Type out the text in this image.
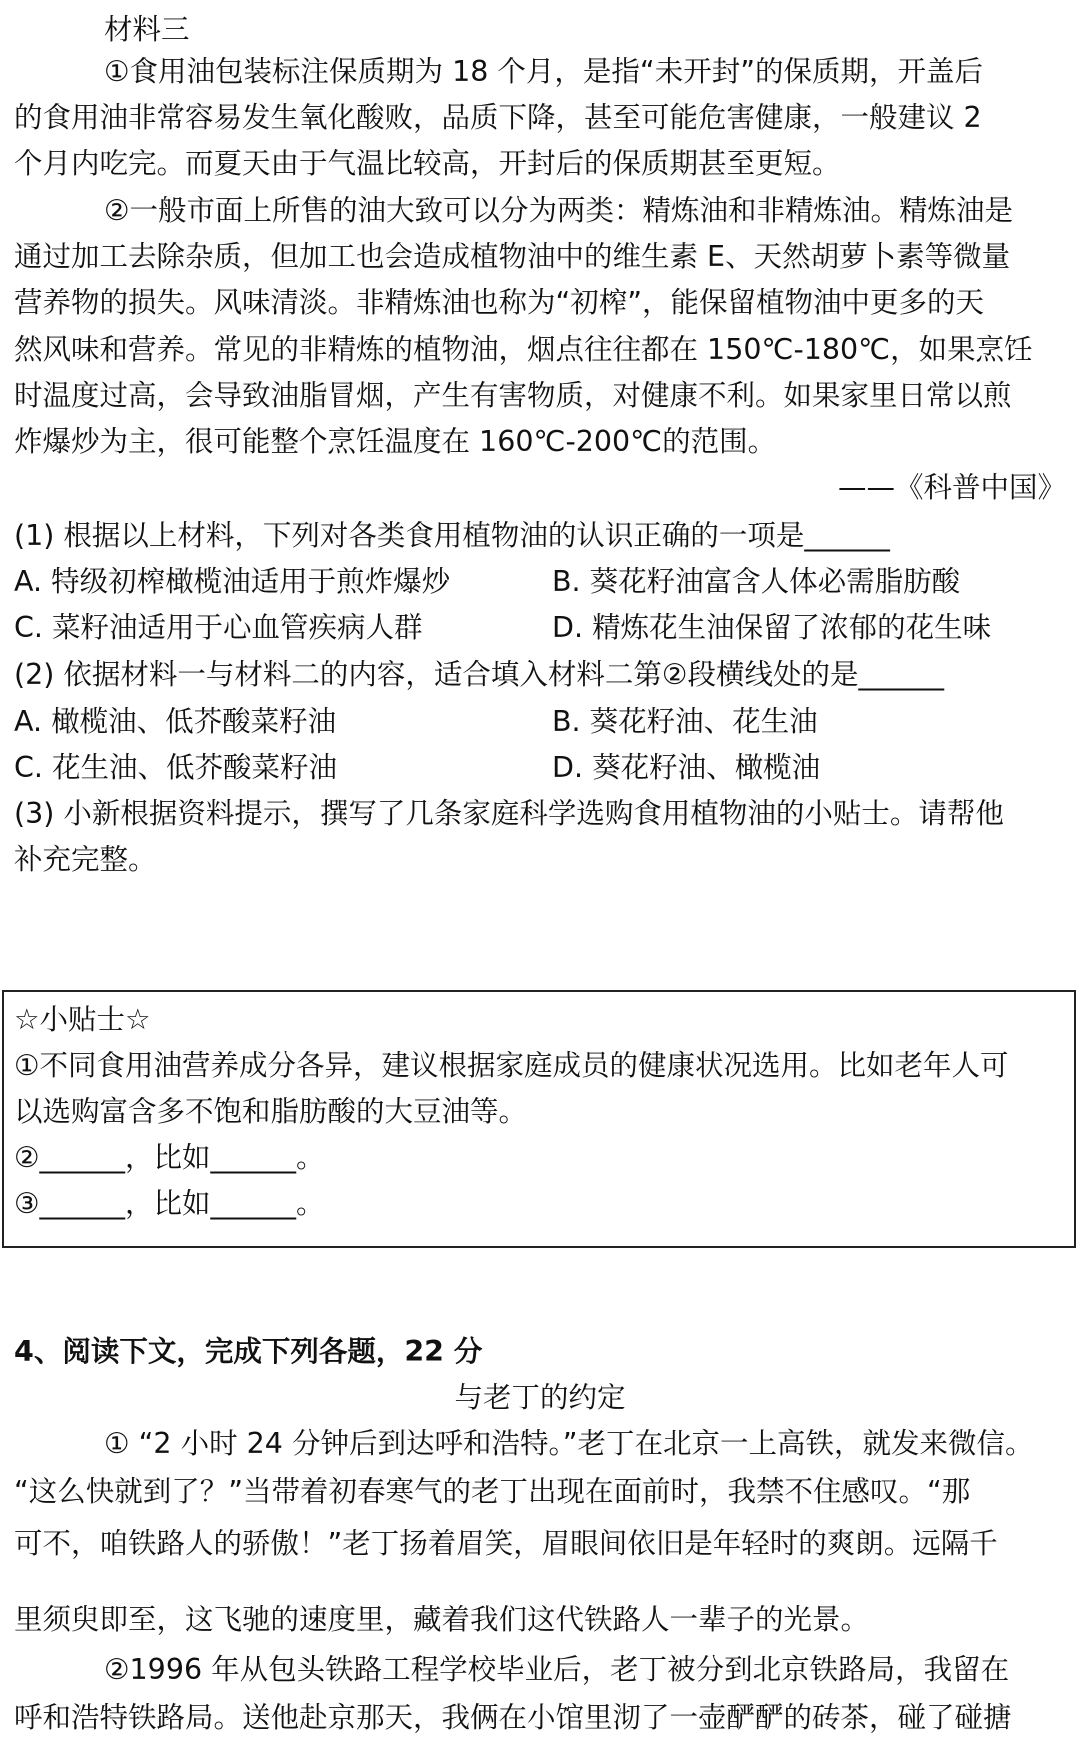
材料三
①食用油包装标注保质期为 18 个月，是指“未开封”的保质期，开盖后
的食用油非常容易发生氧化酸败，品质下降，甚至可能危害健康，一般建议 2
个月内吃完。而夏天由于气温比较高，开封后的保质期甚至更短。
②一般市面上所售的油大致可以分为两类：精炼油和非精炼油。精炼油是
通过加工去除杂质，但加工也会造成植物油中的维生素 E、天然胡萝卜素等微量
营养物的损失。风味清淡。非精炼油也称为“初榨”，能保留植物油中更多的天
然风味和营养。常见的非精炼的植物油，烟点往往都在 150℃-180℃，如果烹饪
时温度过高，会导致油脂冒烟，产生有害物质，对健康不利。如果家里日常以煎
炸爆炒为主，很可能整个烹饪温度在 160℃-200℃的范围。
——《科普中国》
(1) 根据以上材料，下列对各类食用植物油的认识正确的一项是______
A. 特级初榨橄榄油适用于煎炸爆炒	B. 葵花籽油富含人体必需脂肪酸
C. 菜籽油适用于心血管疾病人群	D. 精炼花生油保留了浓郁的花生味
(2) 依据材料一与材料二的内容，适合填入材料二第②段横线处的是______
A. 橄榄油、低芥酸菜籽油	B. 葵花籽油、花生油
C. 花生油、低芥酸菜籽油	D. 葵花籽油、橄榄油
(3) 小新根据资料提示，撰写了几条家庭科学选购食用植物油的小贴士。请帮他
补充完整。
☆小贴士☆
①不同食用油营养成分各异，建议根据家庭成员的健康状况选用。比如老年人可
以选购富含多不饱和脂肪酸的大豆油等。
②______，比如______。
③______，比如______。
4、阅读下文，完成下列各题，22 分
与老丁的约定
① “2 小时 24 分钟后到达呼和浩特。”老丁在北京一上高铁，就发来微信。
“这么快就到了？”当带着初春寒气的老丁出现在面前时，我禁不住感叹。“那
可不，咱铁路人的骄傲！”老丁扬着眉笑，眉眼间依旧是年轻时的爽朗。远隔千
里须臾即至，这飞驰的速度里，藏着我们这代铁路人一辈子的光景。
②1996 年从包头铁路工程学校毕业后，老丁被分到北京铁路局，我留在
呼和浩特铁路局。送他赴京那天，我俩在小馆里沏了一壶酽酽的砖茶，碰了碰搪
